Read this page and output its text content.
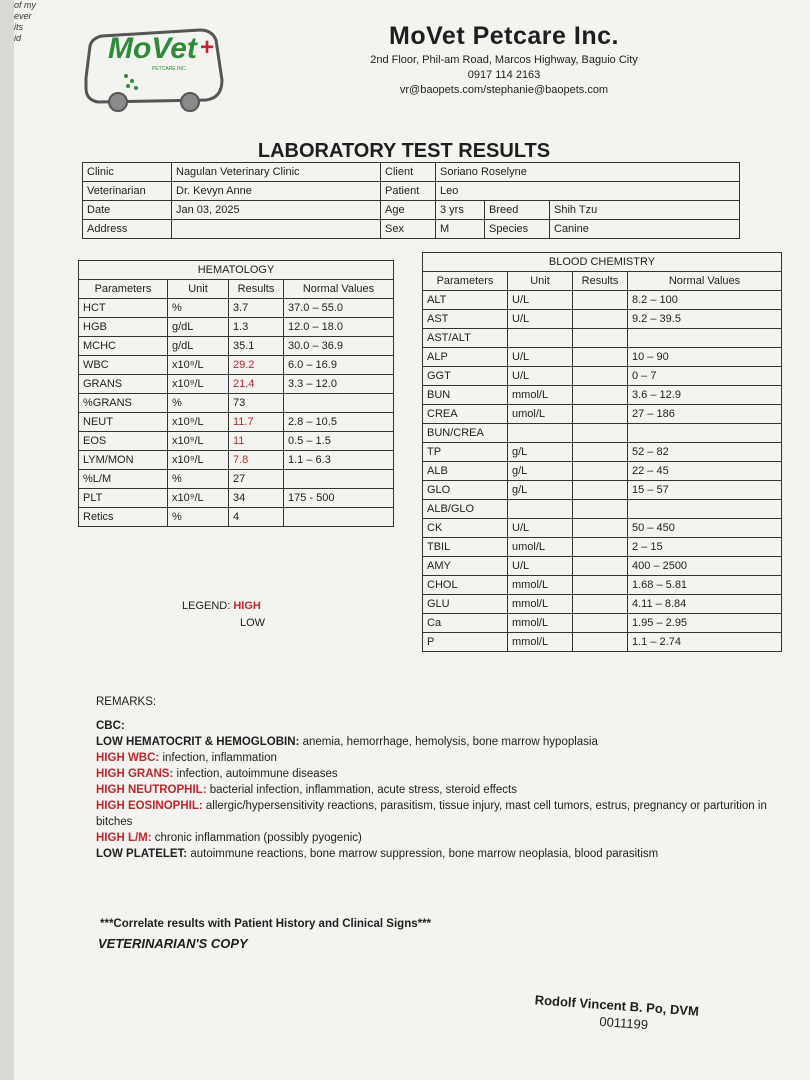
of my
ever
its
id	MoVet +
PETCARE INC.
MoVet Petcare Inc.
2nd Floor, Phil-am Road, Marcos Highway, Baguio City
0917 114 2163
vr@baopets.com/stephanie@baopets.com
LABORATORY TEST RESULTS
Clinic	Nagulan Veterinary Clinic	Client	Soriano Roselyne		
Veterinarian	Dr. Kevyn Anne	Patient	Leo		
Date	Jan 03, 2025	Age	3 yrs	Breed	Shih Tzu
Address		Sex	M	Species	Canine
HEMATOLOGY			
Parameters	Unit	Results	Normal Values
HCT	%	3.7	37.0 – 55.0
HGB	g/dL	1.3	12.0 – 18.0
MCHC	g/dL	35.1	30.0 – 36.9
WBC	x10⁹/L	29.2	6.0 – 16.9
GRANS	x10⁹/L	21.4	3.3 – 12.0
%GRANS	%	73	
NEUT	x10⁹/L	11.7	2.8 – 10.5
EOS	x10⁹/L	11	0.5 – 1.5
LYM/MON	x10⁹/L	7.8	1.1 – 6.3
%L/M	%	27	
PLT	x10⁹/L	34	175 - 500
Retics	%	4	
BLOOD CHEMISTRY			
Parameters	Unit	Results	Normal Values
ALT	U/L		8.2 – 100
AST	U/L		9.2 – 39.5
AST/ALT			
ALP	U/L		10 – 90
GGT	U/L		0 – 7
BUN	mmol/L		3.6 – 12.9
CREA	umol/L		27 – 186
BUN/CREA			
TP	g/L		52 – 82
ALB	g/L		22 – 45
GLO	g/L		15 – 57
ALB/GLO			
CK	U/L		50 – 450
TBIL	umol/L		2 – 15
AMY	U/L		400 – 2500
CHOL	mmol/L		1.68 – 5.81
GLU	mmol/L		4.11 – 8.84
Ca	mmol/L		1.95 – 2.95
P	mmol/L		1.1 – 2.74
LEGEND: HIGH
LOW
REMARKS:
CBC:
LOW HEMATOCRIT & HEMOGLOBIN: anemia, hemorrhage, hemolysis, bone marrow hypoplasia
HIGH WBC: infection, inflammation
HIGH GRANS: infection, autoimmune diseases
HIGH NEUTROPHIL: bacterial infection, inflammation, acute stress, steroid effects
HIGH EOSINOPHIL: allergic/hypersensitivity reactions, parasitism, tissue injury, mast cell tumors, estrus, pregnancy or parturition in bitches
HIGH L/M: chronic inflammation (possibly pyogenic)
LOW PLATELET: autoimmune reactions, bone marrow suppression, bone marrow neoplasia, blood parasitism
***Correlate results with Patient History and Clinical Signs***
VETERINARIAN'S COPY
Rodolf Vincent B. Po, DVM
0011199
